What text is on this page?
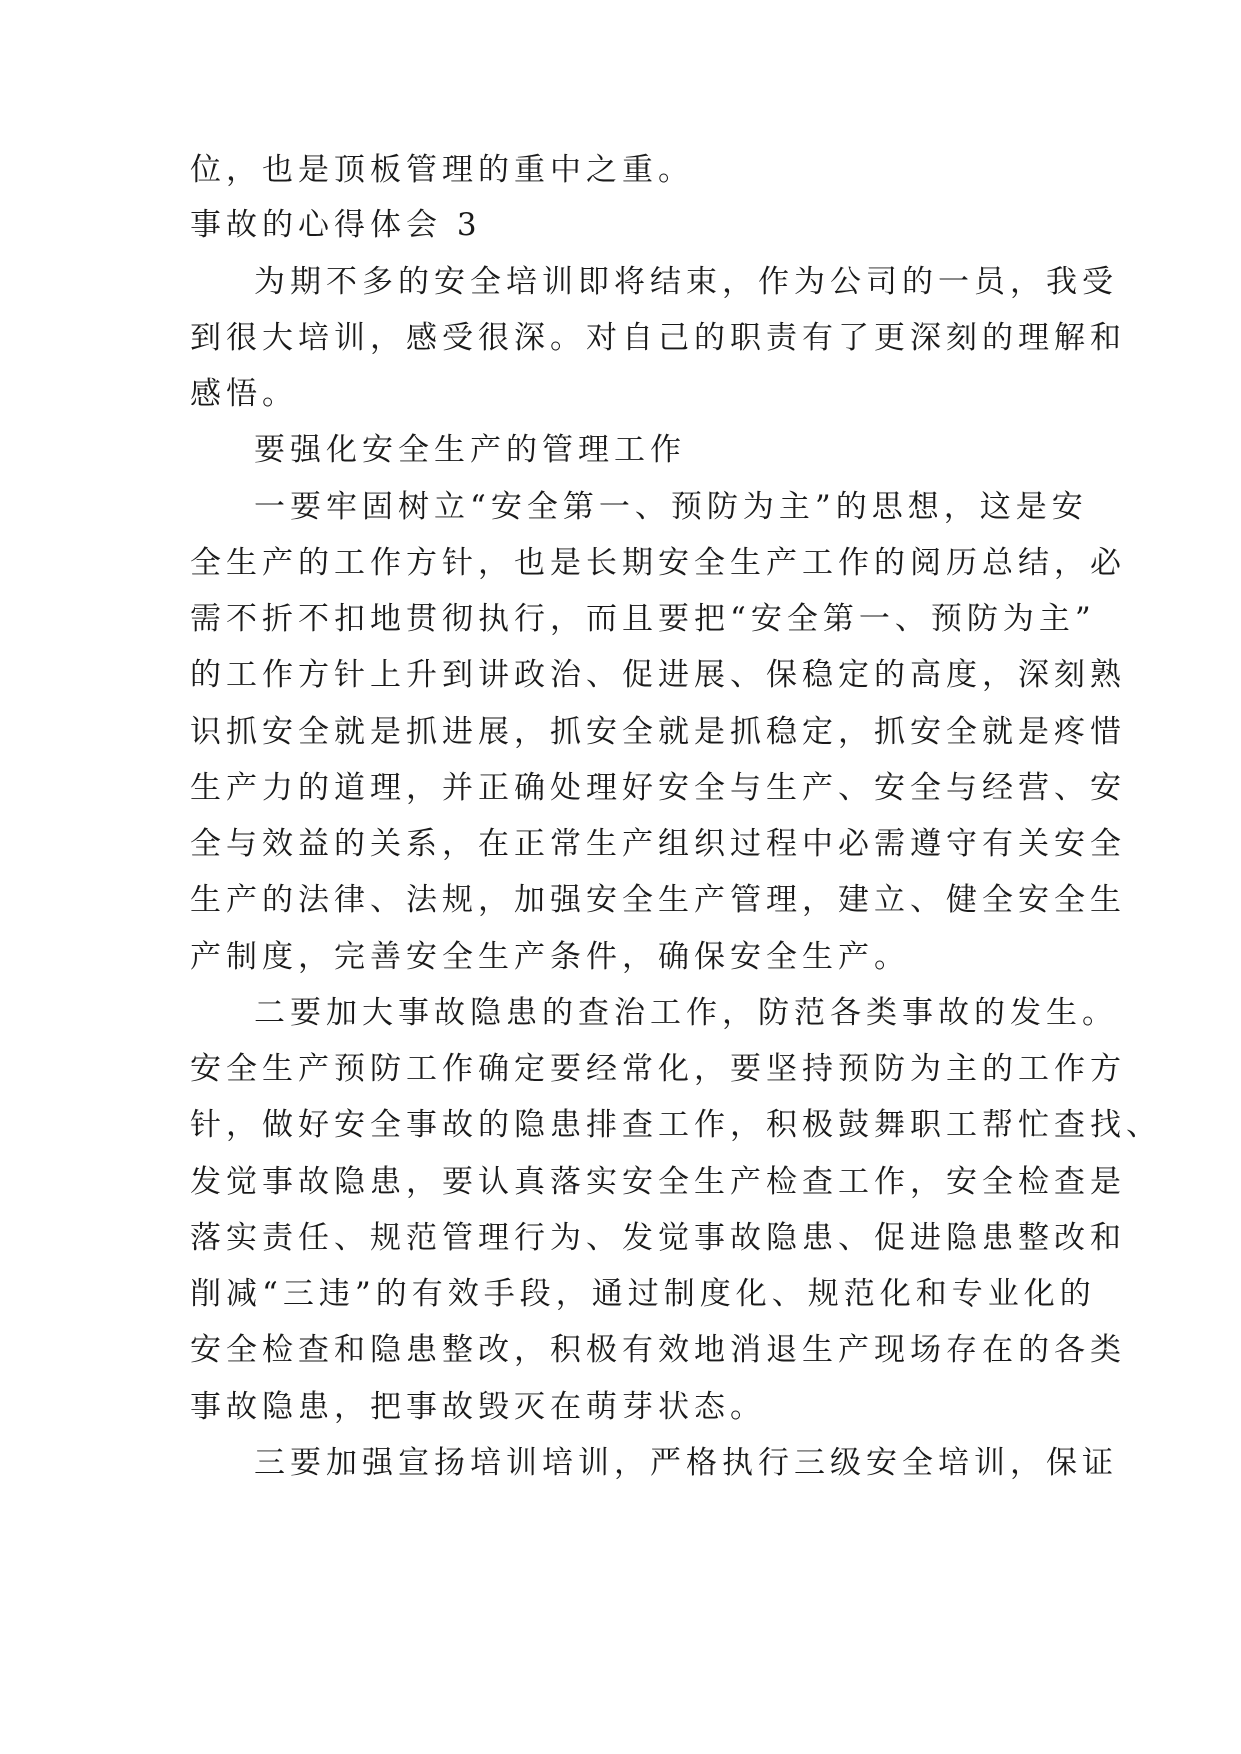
位，也是顶板管理的重中之重。
事故的心得体会 3
为期不多的安全培训即将结束，作为公司的一员，我受
到很大培训，感受很深。对自己的职责有了更深刻的理解和
感悟。
要强化安全生产的管理工作
一要牢固树立“安全第一、预防为主”的思想，这是安
全生产的工作方针，也是长期安全生产工作的阅历总结，必
需不折不扣地贯彻执行，而且要把“安全第一、预防为主”
的工作方针上升到讲政治、促进展、保稳定的高度，深刻熟
识抓安全就是抓进展，抓安全就是抓稳定，抓安全就是疼惜
生产力的道理，并正确处理好安全与生产、安全与经营、安
全与效益的关系，在正常生产组织过程中必需遵守有关安全
生产的法律、法规，加强安全生产管理，建立、健全安全生
产制度，完善安全生产条件，确保安全生产。
二要加大事故隐患的查治工作，防范各类事故的发生。
安全生产预防工作确定要经常化，要坚持预防为主的工作方
针，做好安全事故的隐患排查工作，积极鼓舞职工帮忙查找、
发觉事故隐患，要认真落实安全生产检查工作，安全检查是
落实责任、规范管理行为、发觉事故隐患、促进隐患整改和
削减“三违”的有效手段，通过制度化、规范化和专业化的
安全检查和隐患整改，积极有效地消退生产现场存在的各类
事故隐患，把事故毁灭在萌芽状态。
三要加强宣扬培训培训，严格执行三级安全培训，保证
